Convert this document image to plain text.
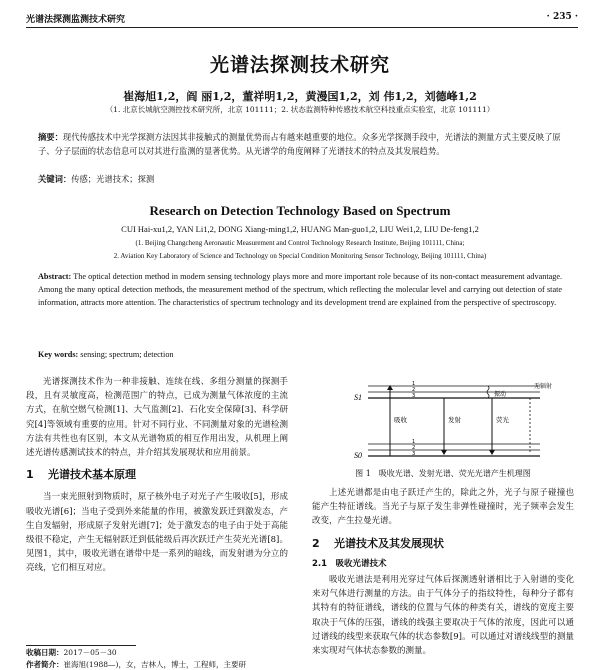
光谱法探测监测技术研究	· 235 ·
光谱法探测技术研究
崔海旭1,2，阎 丽1,2，董祥明1,2，黄漫国1,2，刘 伟1,2，刘德峰1,2
（1. 北京长城航空测控技术研究所，北京 101111；2. 状态监测特种传感技术航空科技重点实验室，北京 101111）
摘要：现代传感技术中光学探测方法因其非接触式的测量优势而占有越来越重要的地位。众多光学探测手段中，光谱法的测量方式主要反映了原子、分子层面的状态信息可以对其进行监测的显著优势。从光谱学的角度阐释了光谱技术的特点及其发展趋势。
关键词：传感；光谱技术；探测
Research on Detection Technology Based on Spectrum
CUI Hai-xu1,2, YAN Li1,2, DONG Xiang-ming1,2, HUANG Man-guo1,2, LIU Wei1,2, LIU De-feng1,2
(1. Beijing Changcheng Aeronautic Measurement and Control Technology Research Institute, Beijing 101111, China;
2. Aviation Key Laboratory of Science and Technology on Special Condition Monitoring Sensor Technology, Beijing 101111, China)
Abstract: The optical detection method in modern sensing technology plays more and more important role because of its non-contact measurement advantage. Among the many optical detection methods, the measurement method of the spectrum, which reflecting the molecular level and carrying out detection of state information, attracts more attention. The characteristics of spectrum technology and its development trend are explained from the perspective of spectroscopy.
Key words: sensing; spectrum; detection

光谱探测技术作为一种非接触、连续在线、多组分测量的探测手段，且有灵敏度高，检测范围广的特点，已成为测量气体浓度的主流方式，在航空燃气检测[1]、大气监测[2]、石化安全保障[3]、科学研究[4]等领域有重要的应用。针对不同行业、不同测量对象的光谱检测方法有共性也有区别，本文从光谱物质的相互作用出发，从机理上阐述光谱传感测试技术的特点，并介绍其发展现状和应用前景。

1 光谱技术基本原理

当一束光照射到物质时，原子核外电子对光子产生吸收[5]，形成吸收光谱[6]；当电子受到外来能量的作用，被激发跃迁到激发态，产生自发辐射，形成原子发射光谱[7]；处于激发态的电子由于处于高能级很不稳定，产生无辐射跃迁到低能级后再次跃迁产生荧光光谱[8]。见图1，其中，吸收光谱在谱带中是一系列的暗线，而发射谱为分立的亮线，它们相互对应。

S1
1
2
3
S0
1
2
3
吸收	发射
振动
荧光
无辐射
图 1　吸收光谱、发射光谱、荧光光谱产生机理图

上述光谱都是由电子跃迁产生的，除此之外，光子与原子碰撞也能产生特征谱线。当光子与原子发生非弹性碰撞时，光子频率会发生改变，产生拉曼光谱。

2 光谱技术及其发展现状
2.1　吸收光谱技术

吸收光谱法是利用光穿过气体后探测透射谱相比于入射谱的变化来对气体进行测量的方法。由于气体分子的指纹特性，每种分子都有其特有的特征谱线，谱线的位置与气体的种类有关，谱线的宽度主要取决于气体的压强，谱线的线强主要取决于气体的浓度，因此可以通过谱线的线型来获取气体的状态参数[9]。可以通过对谱线线型的测量来实现对气体状态参数的测量。

收稿日期：2017－05－30
作者简介：崔海旭(1988—)，女，吉林人，博士，工程师，主要研
